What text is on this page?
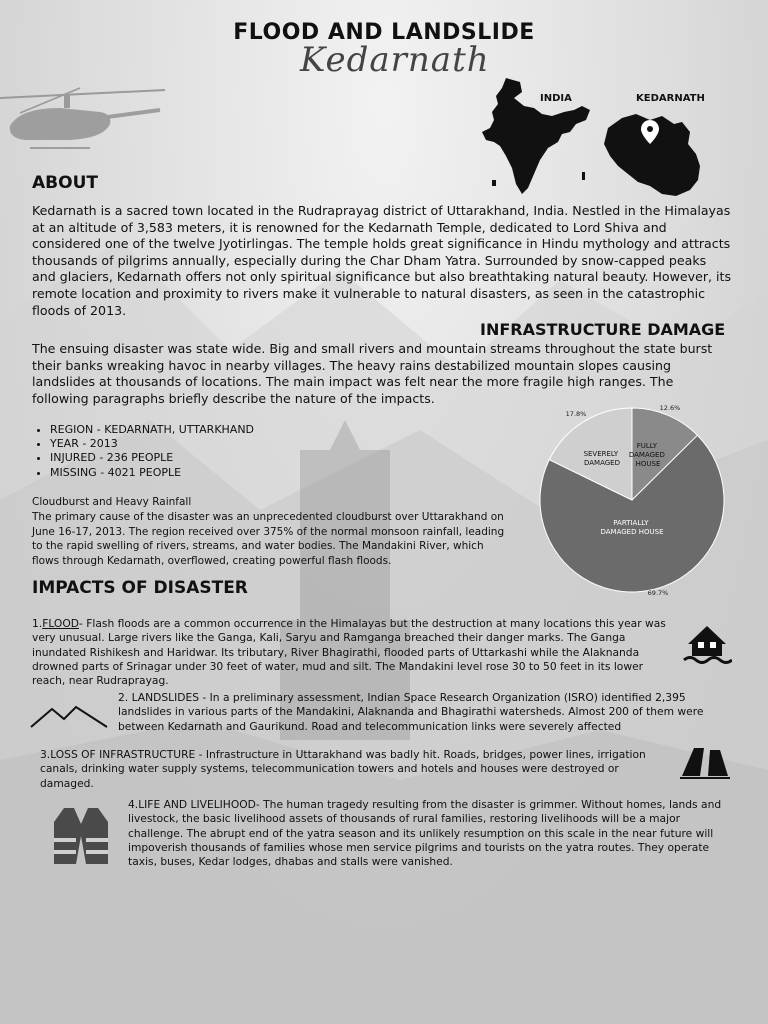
FLOOD AND LANDSLIDE
Kedarnath
INDIA	KEDARNATH
ABOUT
Kedarnath is a sacred town located in the Rudraprayag district of Uttarakhand, India. Nestled in the Himalayas at an altitude of 3,583 meters, it is renowned for the Kedarnath Temple, dedicated to Lord Shiva and considered one of the twelve Jyotirlingas. The temple holds great significance in Hindu mythology and attracts thousands of pilgrims annually, especially during the Char Dham Yatra. Surrounded by snow-capped peaks and glaciers, Kedarnath offers not only spiritual significance but also breathtaking natural beauty. However, its remote location and proximity to rivers make it vulnerable to natural disasters, as seen in the catastrophic floods of 2013.
INFRASTRUCTURE DAMAGE
The ensuing disaster was state wide. Big and small rivers and mountain streams throughout the state burst their banks wreaking havoc in nearby villages. The heavy rains destabilized mountain slopes causing landslides at thousands of locations. The main impact was felt near the more fragile high ranges. The following paragraphs briefly describe the nature of the impacts.
• REGION - KEDARNATH, UTTARKHAND
• YEAR - 2013
• INJURED - 236 PEOPLE
• MISSING - 4021 PEOPLE
12.6%
69.7%
17.8%
FULLY DAMAGED HOUSE
PARTIALLY DAMAGED HOUSE
SEVERELY DAMAGED
Cloudburst and Heavy Rainfall
The primary cause of the disaster was an unprecedented cloudburst over Uttarakhand on June 16-17, 2013. The region received over 375% of the normal monsoon rainfall, leading to the rapid swelling of rivers, streams, and water bodies. The Mandakini River, which flows through Kedarnath, overflowed, creating powerful flash floods.
IMPACTS OF DISASTER
1.FLOOD- Flash floods are a common occurrence in the Himalayas but the destruction at many locations this year was very unusual. Large rivers like the Ganga, Kali, Saryu and Ramganga breached their danger marks. The Ganga inundated Rishikesh and Haridwar. Its tributary, River Bhagirathi, flooded parts of Uttarkashi while the Alaknanda drowned parts of Srinagar under 30 feet of water, mud and silt. The Mandakini level rose 30 to 50 feet in its lower reach, near Rudraprayag.
2. LANDSLIDES - In a preliminary assessment, Indian Space Research Organization (ISRO) identified 2,395 landslides in various parts of the Mandakini, Alaknanda and Bhagirathi watersheds. Almost 200 of them were between Kedarnath and Gaurikund. Road and telecommunication links were severely affected
3.LOSS OF INFRASTRUCTURE - Infrastructure in Uttarakhand was badly hit. Roads, bridges, power lines, irrigation canals, drinking water supply systems, telecommunication towers and hotels and houses were destroyed or damaged.
4.LIFE AND LIVELIHOOD- The human tragedy resulting from the disaster is grimmer. Without homes, lands and livestock, the basic livelihood assets of thousands of rural families, restoring livelihoods will be a major challenge. The abrupt end of the yatra season and its unlikely resumption on this scale in the near future will impoverish thousands of families whose men service pilgrims and tourists on the yatra routes. They operate taxis, buses, Kedar lodges, dhabas and stalls were vanished.
